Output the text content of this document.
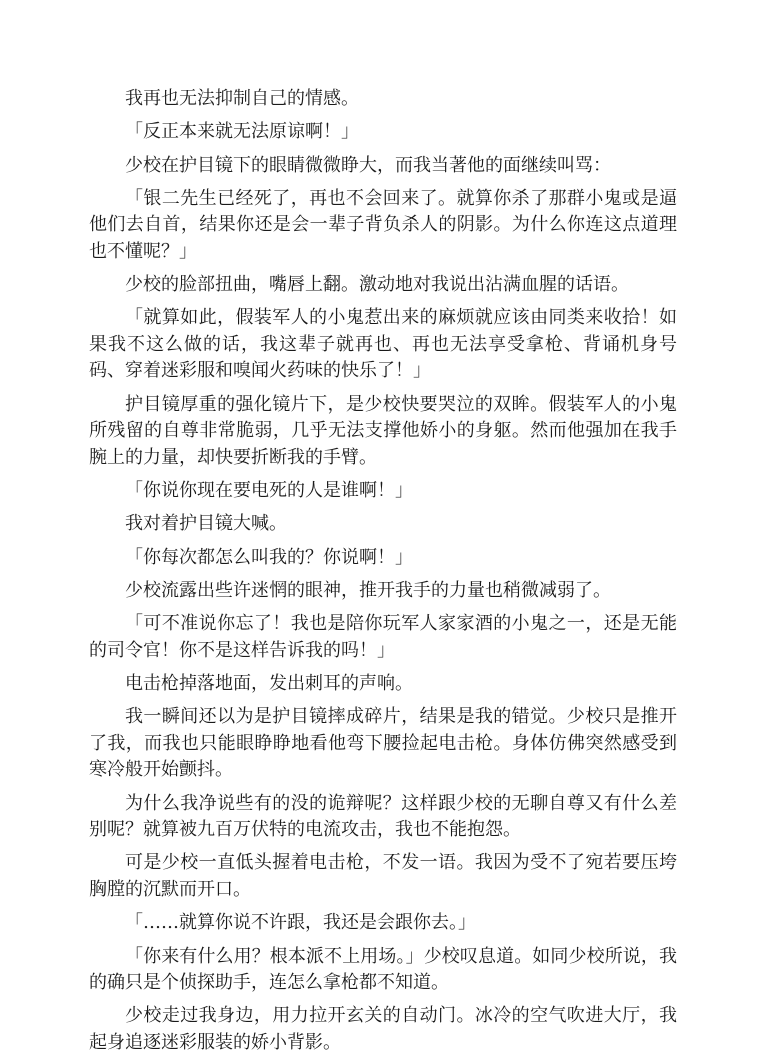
我再也无法抑制自己的情感。

「反正本来就无法原谅啊！」

少校在护目镜下的眼睛微微睁大，而我当著他的面继续叫骂：

「银二先生已经死了，再也不会回来了。就算你杀了那群小鬼或是逼他们去自首，结果你还是会一辈子背负杀人的阴影。为什么你连这点道理也不懂呢？」

少校的脸部扭曲，嘴唇上翻。激动地对我说出沾满血腥的话语。

「就算如此，假装军人的小鬼惹出来的麻烦就应该由同类来收拾！如果我不这么做的话，我这辈子就再也、再也无法享受拿枪、背诵机身号码、穿着迷彩服和嗅闻火药味的快乐了！」

护目镜厚重的强化镜片下，是少校快要哭泣的双眸。假装军人的小鬼所残留的自尊非常脆弱，几乎无法支撑他娇小的身躯。然而他强加在我手腕上的力量，却快要折断我的手臂。

「你说你现在要电死的人是谁啊！」

我对着护目镜大喊。

「你每次都怎么叫我的？你说啊！」

少校流露出些许迷惘的眼神，推开我手的力量也稍微减弱了。

「可不准说你忘了！我也是陪你玩军人家家酒的小鬼之一，还是无能的司令官！你不是这样告诉我的吗！」

电击枪掉落地面，发出刺耳的声响。

我一瞬间还以为是护目镜摔成碎片，结果是我的错觉。少校只是推开了我，而我也只能眼睁睁地看他弯下腰捡起电击枪。身体仿佛突然感受到寒冷般开始颤抖。

为什么我净说些有的没的诡辩呢？这样跟少校的无聊自尊又有什么差别呢？就算被九百万伏特的电流攻击，我也不能抱怨。

可是少校一直低头握着电击枪，不发一语。我因为受不了宛若要压垮胸膛的沉默而开口。

「……就算你说不许跟，我还是会跟你去。」

「你来有什么用？根本派不上用场。」少校叹息道。如同少校所说，我的确只是个侦探助手，连怎么拿枪都不知道。

少校走过我身边，用力拉开玄关的自动门。冰冷的空气吹进大厅，我起身追逐迷彩服装的娇小背影。
